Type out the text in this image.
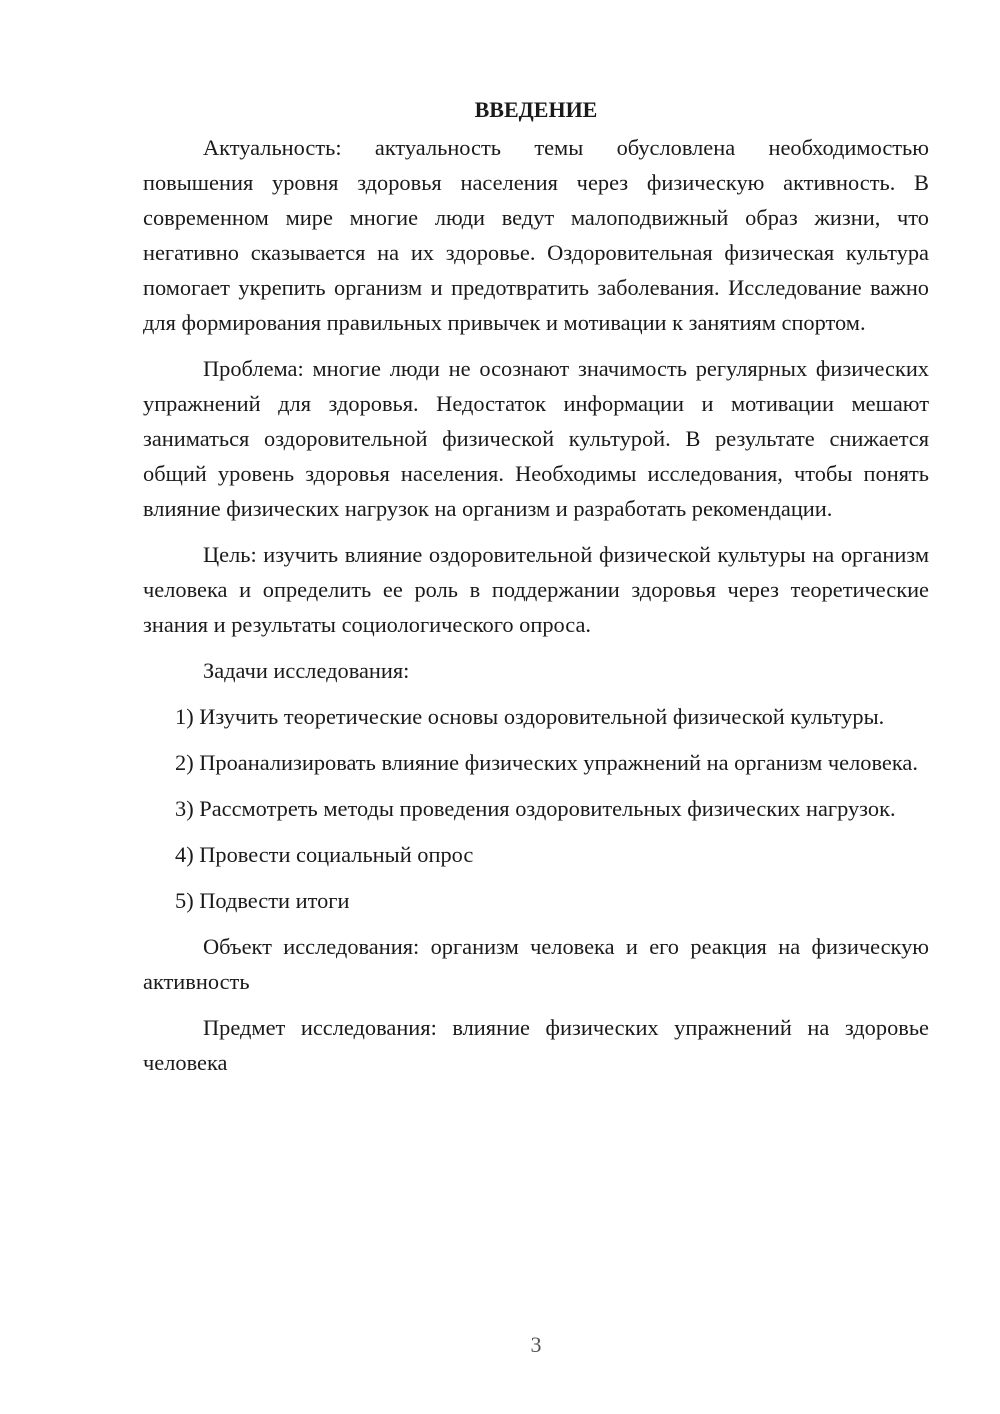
ВВЕДЕНИЕ

Актуальность: актуальность темы обусловлена необходимостью повышения уровня здоровья населения через физическую активность. В современном мире многие люди ведут малоподвижный образ жизни, что негативно сказывается на их здоровье. Оздоровительная физическая культура помогает укрепить организм и предотвратить заболевания. Исследование важно для формирования правильных привычек и мотивации к занятиям спортом.

Проблема: многие люди не осознают значимость регулярных физических упражнений для здоровья. Недостаток информации и мотивации мешают заниматься оздоровительной физической культурой. В результате снижается общий уровень здоровья населения. Необходимы исследования, чтобы понять влияние физических нагрузок на организм и разработать рекомендации.

Цель: изучить влияние оздоровительной физической культуры на организм человека и определить ее роль в поддержании здоровья через теоретические знания и результаты социологического опроса.

Задачи исследования:

1) Изучить теоретические основы оздоровительной физической культуры.

2) Проанализировать влияние физических упражнений на организм человека.

3) Рассмотреть методы проведения оздоровительных физических нагрузок.

4) Провести социальный опрос

5) Подвести итоги

Объект исследования: организм человека и его реакция на физическую активность

Предмет исследования: влияние физических упражнений на здоровье человека

3
